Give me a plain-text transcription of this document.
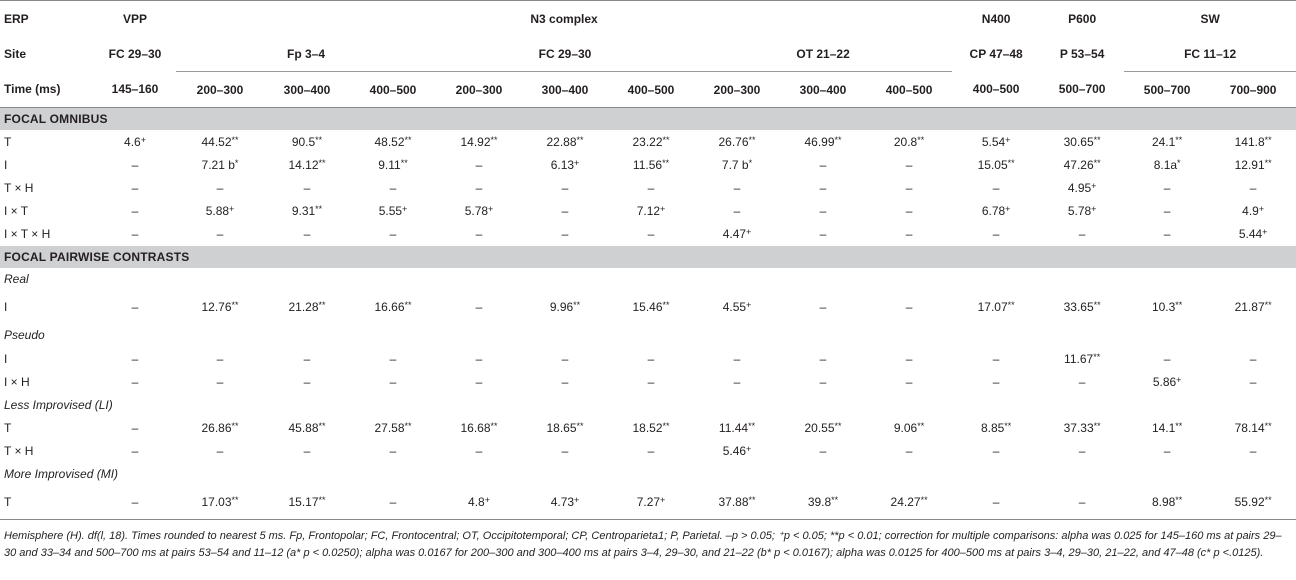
ERP	VPP	N3 complex									N400	P600	SW	
Site	FC 29–30	Fp 3–4			FC 29–30			OT 21–22			CP 47–48	P 53–54	FC 11–12	
Time (ms)	145–160	200–300	300–400	400–500	200–300	300–400	400–500	200–300	300–400	400–500	400–500	500–700	500–700	700–900
FOCAL OMNIBUS														
T	4.6+	44.52**	90.5**	48.52**	14.92**	22.88**	23.22**	26.76**	46.99**	20.8**	5.54+	30.65**	24.1**	141.8**
I	–	7.21 b*	14.12**	9.11**	–	6.13+	11.56**	7.7 b*	–	–	15.05**	47.26**	8.1a*	12.91**
T × H	–	–	–	–	–	–	–	–	–	–	–	4.95+	–	–
I × T	–	5.88+	9.31**	5.55+	5.78+	–	7.12+	–	–	–	6.78+	5.78+	–	4.9+
I × T × H	–	–	–	–	–	–	–	4.47+	–	–	–	–	–	5.44+
FOCAL PAIRWISE CONTRASTS														
Real														
I	–	12.76**	21.28**	16.66**	–	9.96**	15.46**	4.55+	–	–	17.07**	33.65**	10.3**	21.87**
Pseudo														
I	–	–	–	–	–	–	–	–	–	–	–	11.67**	–	–
I × H	–	–	–	–	–	–	–	–	–	–	–	–	5.86+	–
Less Improvised (LI)														
T	–	26.86**	45.88**	27.58**	16.68**	18.65**	18.52**	11.44**	20.55**	9.06**	8.85**	37.33**	14.1**	78.14**
T × H	–	–	–	–	–	–	–	5.46+	–	–	–	–	–	–
More Improvised (MI)														
T	–	17.03**	15.17**	–	4.8+	4.73+	7.27+	37.88**	39.8**	24.27**	–	–	8.98**	55.92**
Hemisphere (H). df(l, 18). Times rounded to nearest 5 ms. Fp, Frontopolar; FC, Frontocentral; OT, Occipitotemporal; CP, Centroparieta1; P, Parietal. –p > 0.05; ⁺p < 0.05; **p < 0.01; correction for multiple comparisons: alpha was 0.025 for 145–160 ms at pairs 29–30 and 33–34 and 500–700 ms at pairs 53–54 and 11–12 (a* p < 0.0250); alpha was 0.0167 for 200–300 and 300–400 ms at pairs 3–4, 29–30, and 21–22 (b* p < 0.0167); alpha was 0.0125 for 400–500 ms at pairs 3–4, 29–30, 21–22, and 47–48 (c* p <.0125).
